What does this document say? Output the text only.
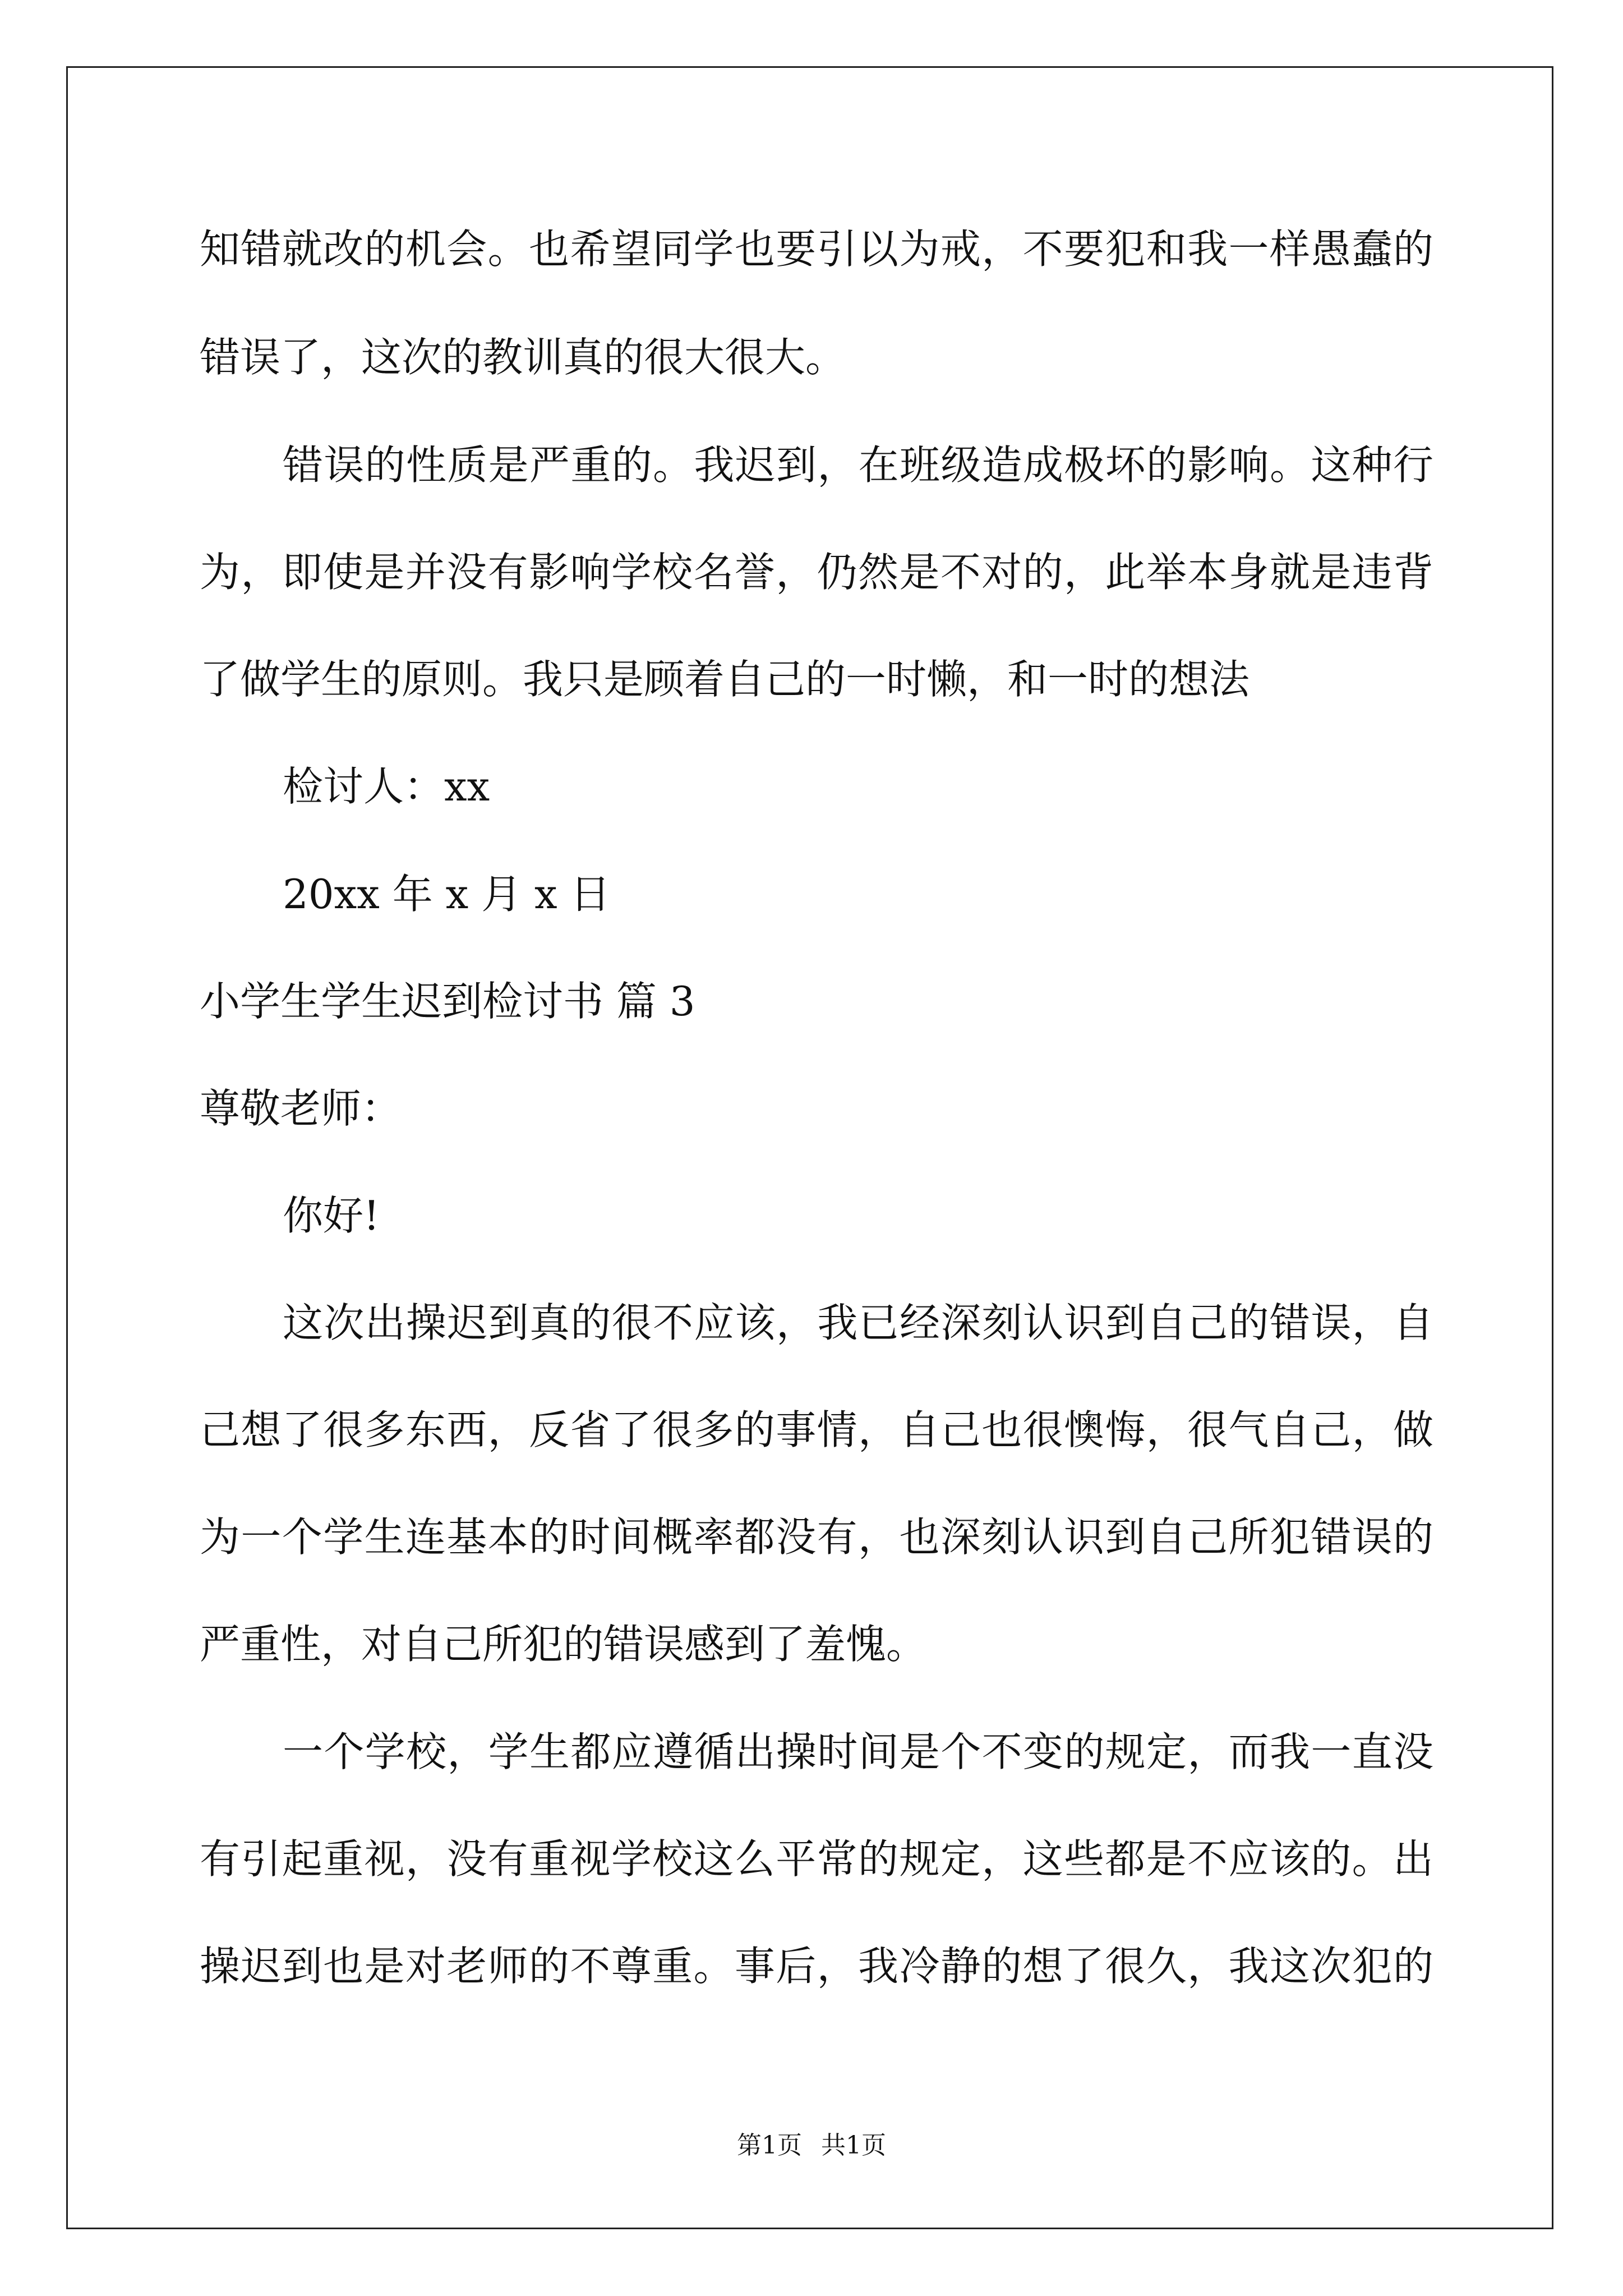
知错就改的机会。也希望同学也要引以为戒，不要犯和我一样愚蠢的
错误了，这次的教训真的很大很大。
错误的性质是严重的。我迟到，在班级造成极坏的影响。这种行
为，即使是并没有影响学校名誉，仍然是不对的，此举本身就是违背
了做学生的原则。我只是顾着自己的一时懒，和一时的想法
检讨人：xx
20xx 年 x 月 x 日
小学生学生迟到检讨书 篇 3
尊敬老师：
你好!
这次出操迟到真的很不应该，我已经深刻认识到自己的错误，自
己想了很多东西，反省了很多的事情，自己也很懊悔，很气自己，做
为一个学生连基本的时间概率都没有，也深刻认识到自己所犯错误的
严重性，对自己所犯的错误感到了羞愧。
一个学校，学生都应遵循出操时间是个不变的规定，而我一直没
有引起重视，没有重视学校这么平常的规定，这些都是不应该的。出
操迟到也是对老师的不尊重。事后，我冷静的想了很久，我这次犯的
第1页 共1页
